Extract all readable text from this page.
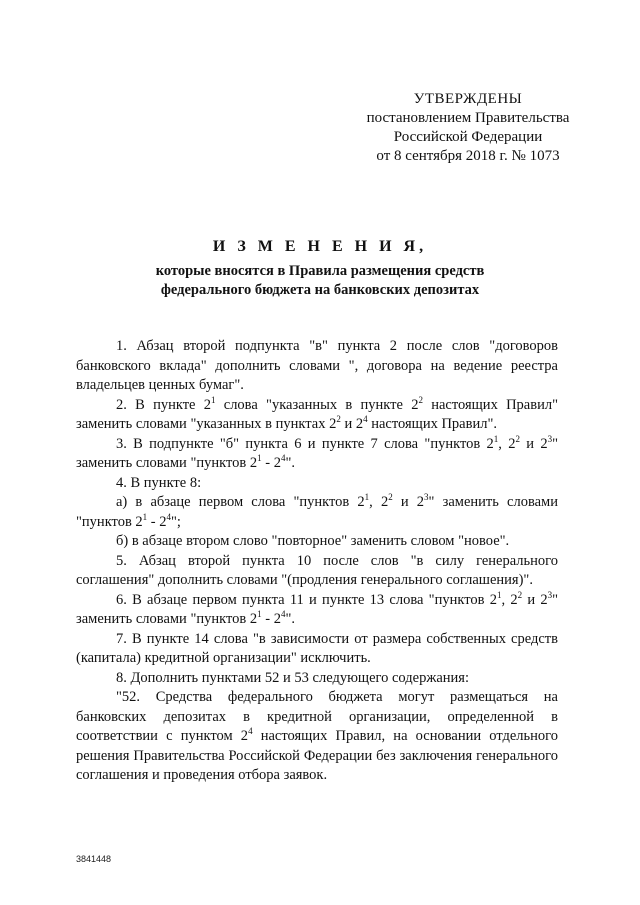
УТВЕРЖДЕНЫ
постановлением Правительства
Российской Федерации
от 8 сентября 2018 г. № 1073
И З М Е Н Е Н И Я,
которые вносятся в Правила размещения средств
федерального бюджета на банковских депозитах

1. Абзац второй подпункта "в" пункта 2 после слов "договоров банковского вклада" дополнить словами ", договора на ведение реестра владельцев ценных бумаг".

2. В пункте $2^1$ слова "указанных в пункте $2^2$ настоящих Правил" заменить словами "указанных в пунктах $2^2$ и $2^4$ настоящих Правил".

3. В подпункте "б" пункта 6 и пункте 7 слова "пунктов $2^1$, $2^2$ и $2^3$" заменить словами "пунктов $2^1 - 2^4$".

4. В пункте 8:

а) в абзаце первом слова "пунктов $2^1$, $2^2$ и $2^3$" заменить словами "пунктов $2^1 - 2^4$";

б) в абзаце втором слово "повторное" заменить словом "новое".

5. Абзац второй пункта 10 после слов "в силу генерального соглашения" дополнить словами "(продления генерального соглашения)".

6. В абзаце первом пункта 11 и пункте 13 слова "пунктов $2^1$, $2^2$ и $2^3$" заменить словами "пунктов $2^1 - 2^4$".

7. В пункте 14 слова "в зависимости от размера собственных средств (капитала) кредитной организации" исключить.

8. Дополнить пунктами 52 и 53 следующего содержания:

"52. Средства федерального бюджета могут размещаться на банковских депозитах в кредитной организации, определенной в соответствии с пунктом $2^4$ настоящих Правил, на основании отдельного решения Правительства Российской Федерации без заключения генерального соглашения и проведения отбора заявок.

3841448
